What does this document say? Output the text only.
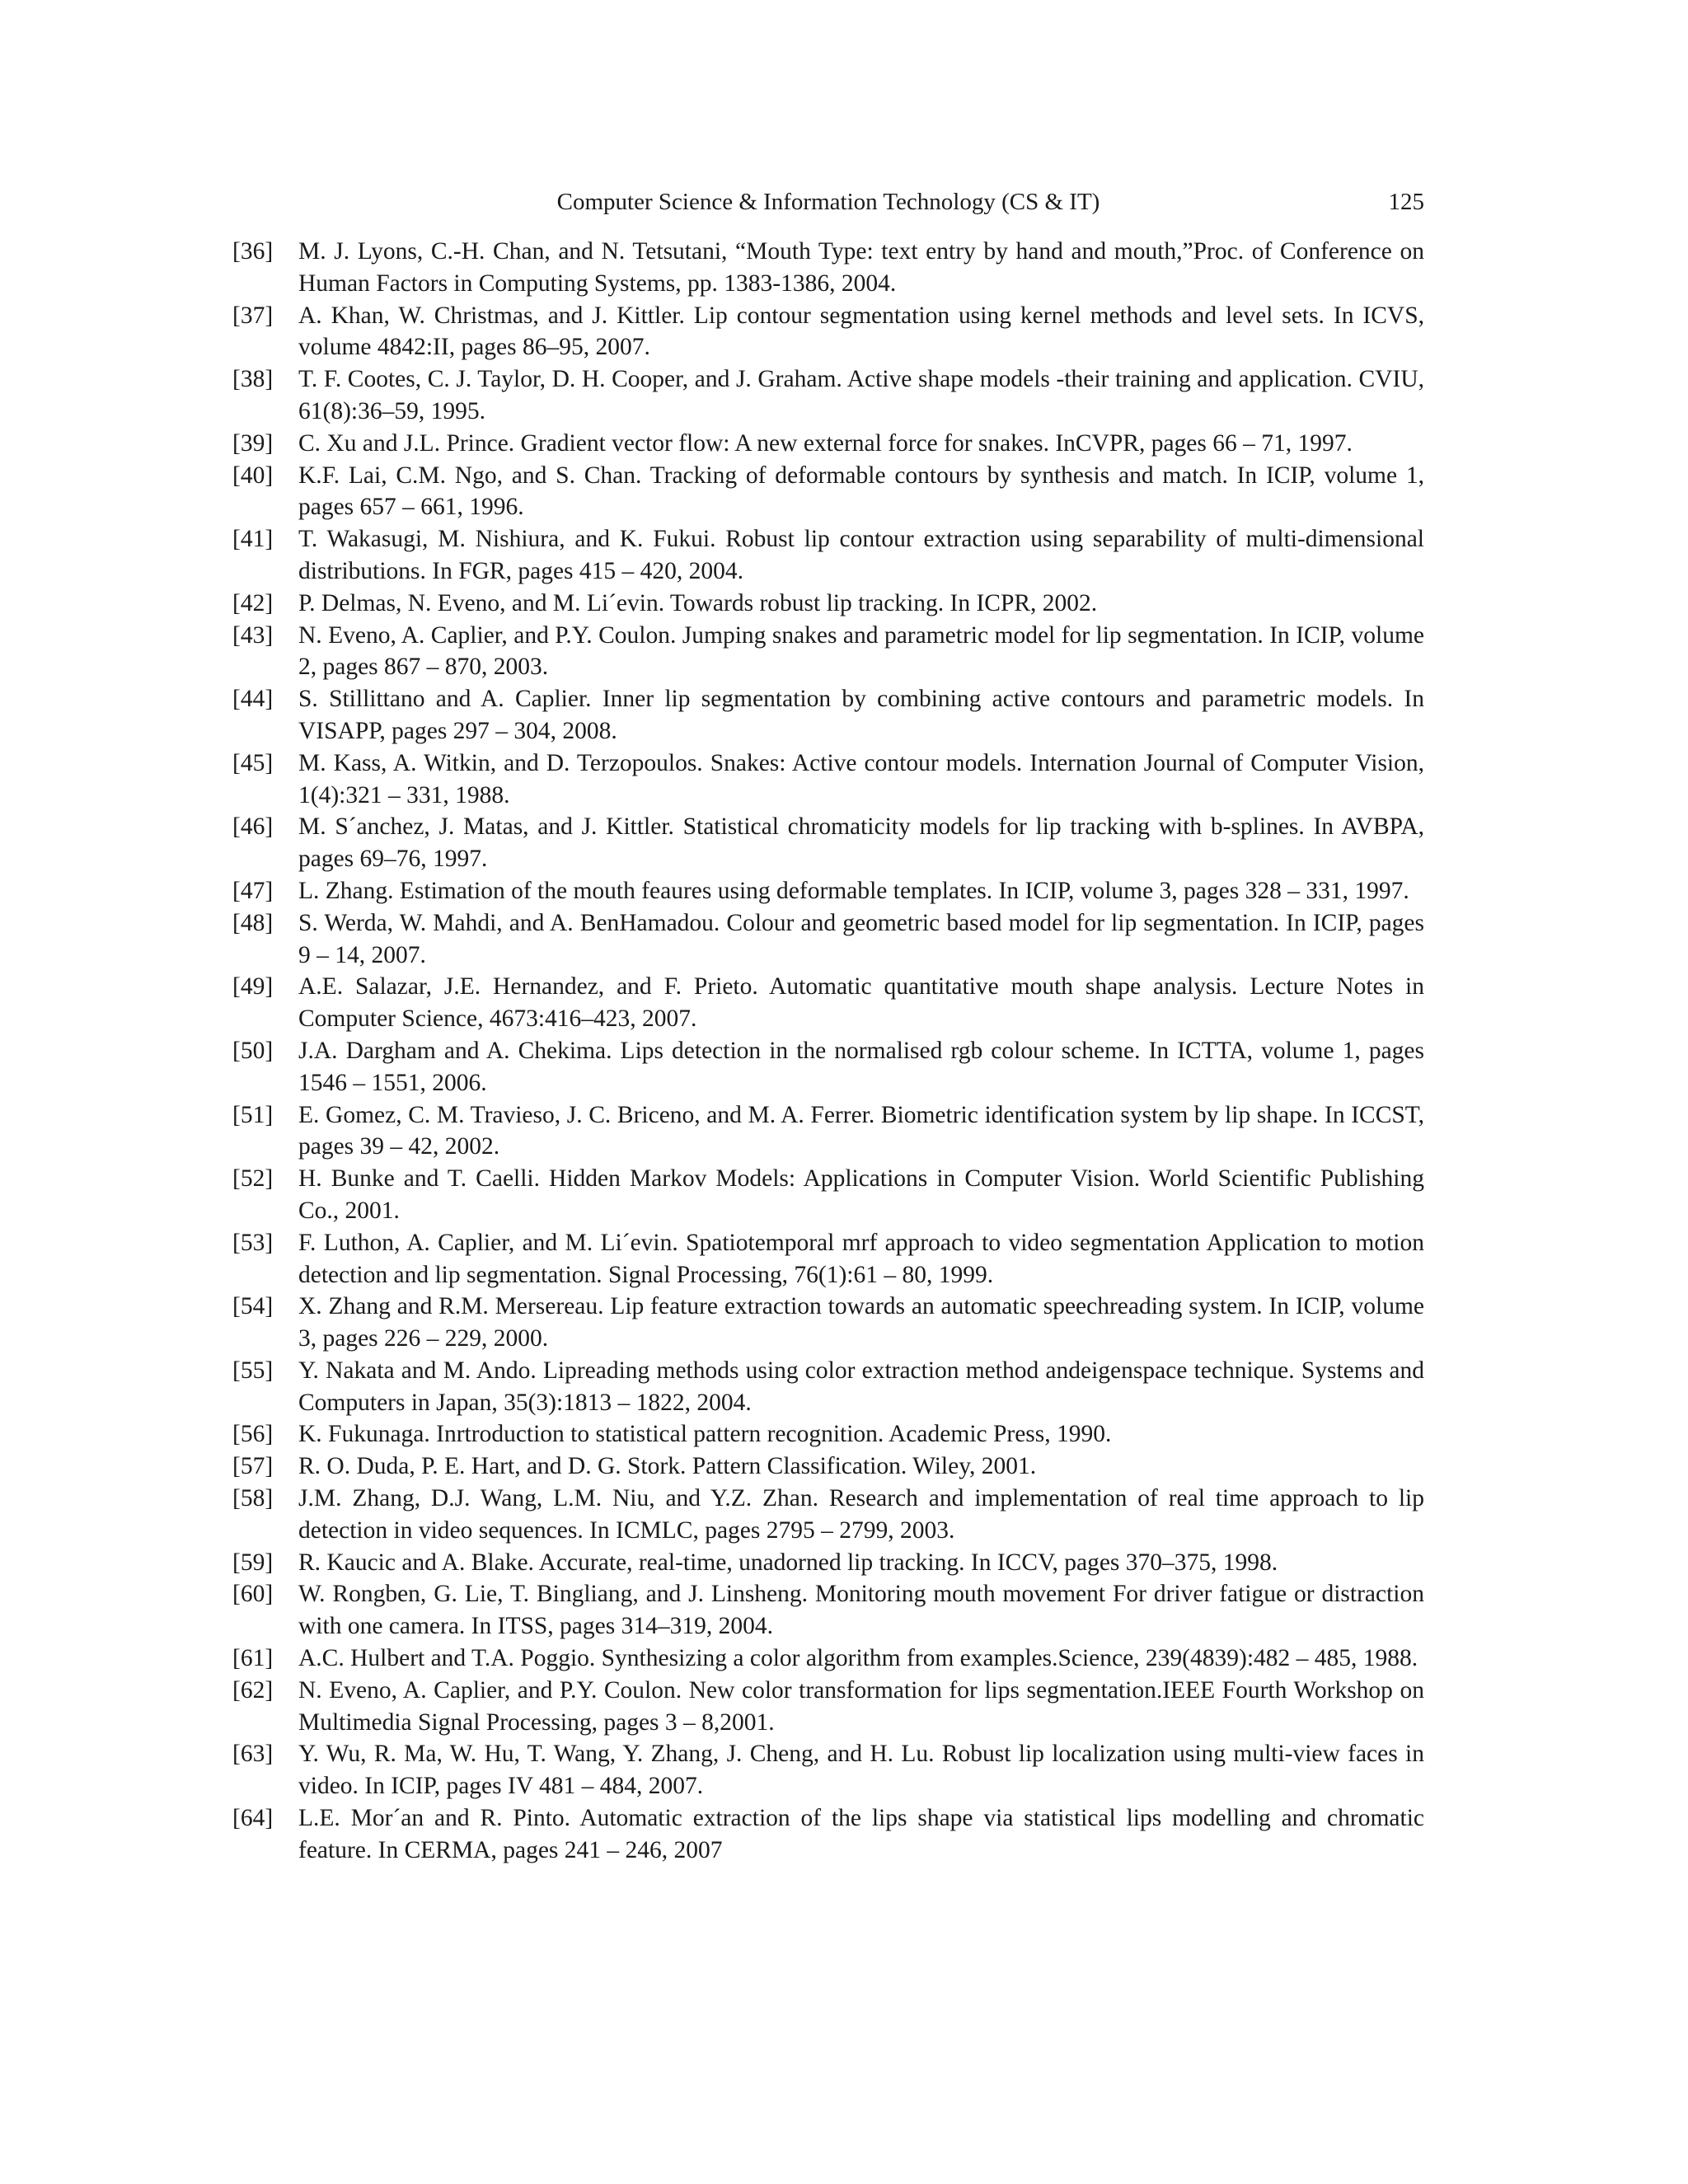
Computer Science & Information Technology (CS & IT)	125
[36]	M. J. Lyons, C.-H. Chan, and N. Tetsutani, “Mouth Type: text entry by hand and mouth,”Proc. of Conference on Human Factors in Computing Systems, pp. 1383-1386, 2004.
[37]	A. Khan, W. Christmas, and J. Kittler. Lip contour segmentation using kernel methods and level sets. In ICVS, volume 4842:II, pages 86–95, 2007.
[38]	T. F. Cootes, C. J. Taylor, D. H. Cooper, and J. Graham. Active shape models -their training and application. CVIU, 61(8):36–59, 1995.
[39]	C. Xu and J.L. Prince. Gradient vector flow: A new external force for snakes. InCVPR, pages 66 – 71, 1997.
[40]	K.F. Lai, C.M. Ngo, and S. Chan. Tracking of deformable contours by synthesis and match. In ICIP, volume 1, pages 657 – 661, 1996.
[41]	T. Wakasugi, M. Nishiura, and K. Fukui. Robust lip contour extraction using separability of multi-dimensional distributions. In FGR, pages 415 – 420, 2004.
[42]	P. Delmas, N. Eveno, and M. Li´evin. Towards robust lip tracking. In ICPR, 2002.
[43]	N. Eveno, A. Caplier, and P.Y. Coulon. Jumping snakes and parametric model for lip segmentation. In ICIP, volume 2, pages 867 – 870, 2003.
[44]	S. Stillittano and A. Caplier. Inner lip segmentation by combining active contours and parametric models. In VISAPP, pages 297 – 304, 2008.
[45]	M. Kass, A. Witkin, and D. Terzopoulos. Snakes: Active contour models. Internation Journal of Computer Vision, 1(4):321 – 331, 1988.
[46]	M. S´anchez, J. Matas, and J. Kittler. Statistical chromaticity models for lip tracking with b-splines. In AVBPA, pages 69–76, 1997.
[47]	L. Zhang. Estimation of the mouth feaures using deformable templates. In ICIP, volume 3, pages 328 – 331, 1997.
[48]	S. Werda, W. Mahdi, and A. BenHamadou. Colour and geometric based model for lip segmentation. In ICIP, pages 9 – 14, 2007.
[49]	A.E. Salazar, J.E. Hernandez, and F. Prieto. Automatic quantitative mouth shape analysis. Lecture Notes in Computer Science, 4673:416–423, 2007.
[50]	J.A. Dargham and A. Chekima. Lips detection in the normalised rgb colour scheme. In ICTTA, volume 1, pages 1546 – 1551, 2006.
[51]	E. Gomez, C. M. Travieso, J. C. Briceno, and M. A. Ferrer. Biometric identification system by lip shape. In ICCST, pages 39 – 42, 2002.
[52]	H. Bunke and T. Caelli. Hidden Markov Models: Applications in Computer Vision. World Scientific Publishing Co., 2001.
[53]	F. Luthon, A. Caplier, and M. Li´evin. Spatiotemporal mrf approach to video segmentation Application to motion detection and lip segmentation. Signal Processing, 76(1):61 – 80, 1999.
[54]	X. Zhang and R.M. Mersereau. Lip feature extraction towards an automatic speechreading system. In ICIP, volume 3, pages 226 – 229, 2000.
[55]	Y. Nakata and M. Ando. Lipreading methods using color extraction method andeigenspace technique. Systems and Computers in Japan, 35(3):1813 – 1822, 2004.
[56]	K. Fukunaga. Inrtroduction to statistical pattern recognition. Academic Press, 1990.
[57]	R. O. Duda, P. E. Hart, and D. G. Stork. Pattern Classification. Wiley, 2001.
[58]	J.M. Zhang, D.J. Wang, L.M. Niu, and Y.Z. Zhan. Research and implementation of real time approach to lip detection in video sequences. In ICMLC, pages 2795 – 2799, 2003.
[59]	R. Kaucic and A. Blake. Accurate, real-time, unadorned lip tracking. In ICCV, pages 370–375, 1998.
[60]	W. Rongben, G. Lie, T. Bingliang, and J. Linsheng. Monitoring mouth movement For driver fatigue or distraction with one camera. In ITSS, pages 314–319, 2004.
[61]	A.C. Hulbert and T.A. Poggio. Synthesizing a color algorithm from examples.Science, 239(4839):482 – 485, 1988.
[62]	N. Eveno, A. Caplier, and P.Y. Coulon. New color transformation for lips segmentation.IEEE Fourth Workshop on Multimedia Signal Processing, pages 3 – 8,2001.
[63]	Y. Wu, R. Ma, W. Hu, T. Wang, Y. Zhang, J. Cheng, and H. Lu. Robust lip localization using multi-view faces in video. In ICIP, pages IV 481 – 484, 2007.
[64]	L.E. Mor´an and R. Pinto. Automatic extraction of the lips shape via statistical lips modelling and chromatic feature. In CERMA, pages 241 – 246, 2007
